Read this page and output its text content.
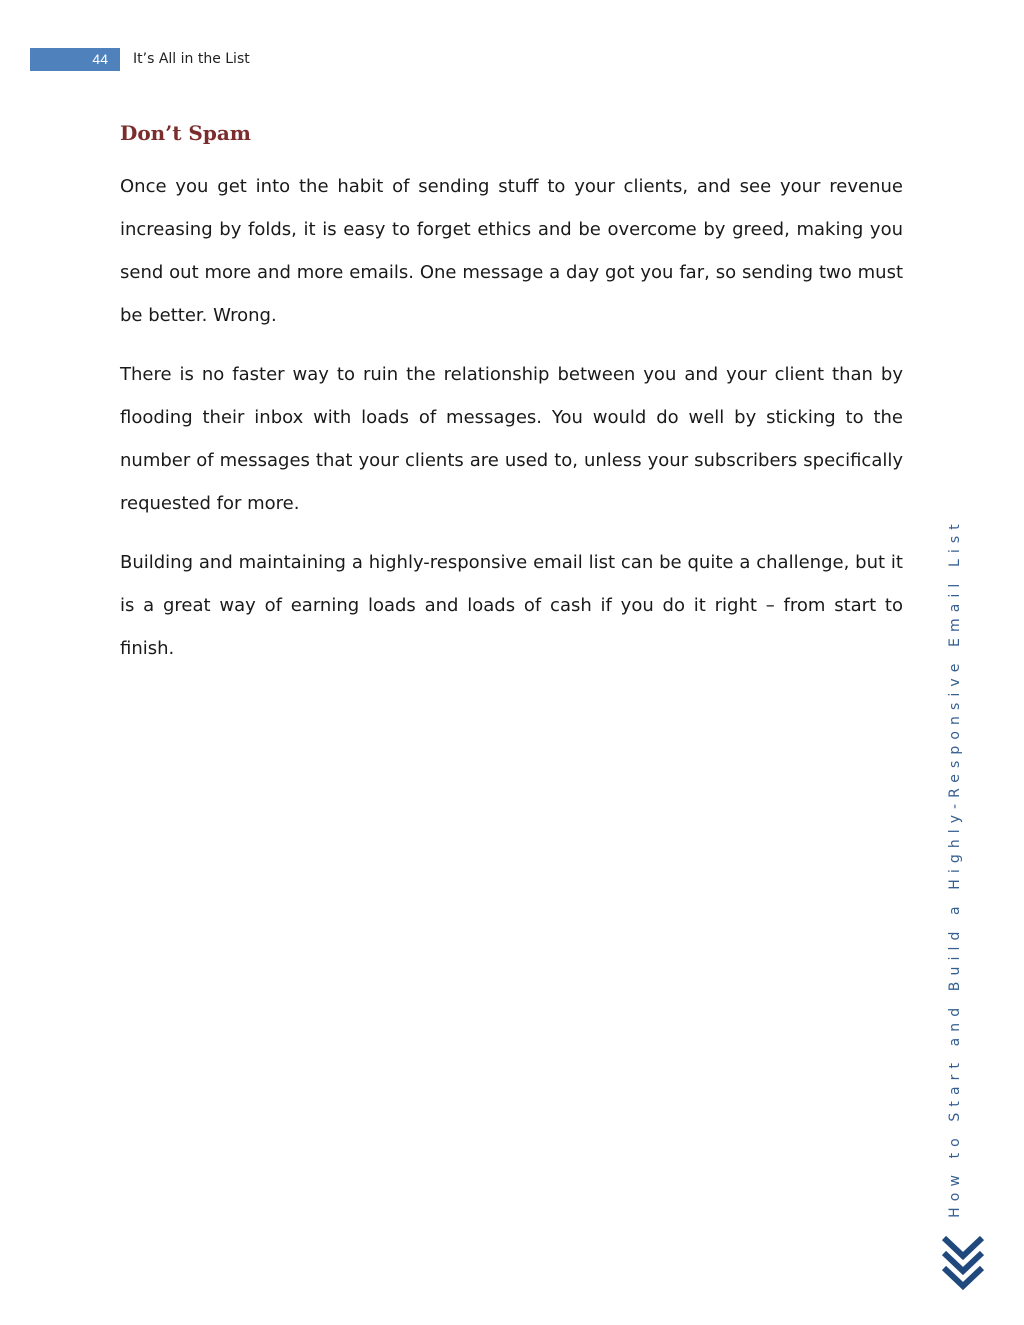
44 It’s All in the List
Don’t Spam

Once you get into the habit of sending stuff to your clients, and see your revenue increasing by folds, it is easy to forget ethics and be overcome by greed, making you send out more and more emails. One message a day got you far, so sending two must be better. Wrong.

There is no faster way to ruin the relationship between you and your client than by flooding their inbox with loads of messages. You would do well by sticking to the number of messages that your clients are used to, unless your subscribers specifically requested for more.

Building and maintaining a highly-responsive email list can be quite a challenge, but it is a great way of earning loads and loads of cash if you do it right – from start to finish.	How to Start and Build a Highly-Responsive Email List
